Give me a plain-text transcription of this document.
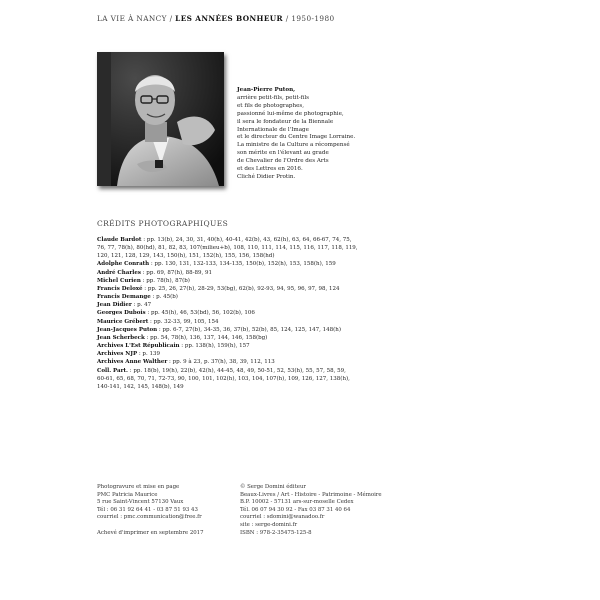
LA VIE À NANCY / LES ANNÉES BONHEUR / 1950-1980
Jean-Pierre Puton,
arrière petit-fils, petit-fils
et fils de photographes,
passionné lui-même de photographie,
il sera le fondateur de la Biennale
Internationale de l'Image
et le directeur du Centre Image Lorraine.
La ministre de la Culture a récompensé
son mérite en l'élevant au grade
de Chevalier de l'Ordre des Arts
et des Lettres en 2016.
Cliché Didier Protin.
CRÉDITS PHOTOGRAPHIQUES
Claude Bardot : pp. 13(b), 24, 30, 31, 40(h), 40-41, 42(b), 43, 62(h), 63, 64, 66-67, 74, 75,
76, 77, 78(h), 80(hd), 81, 82, 83, 107(milieu+b), 108, 110, 111, 114, 115, 116, 117, 118, 119,
120, 121, 128, 129, 143, 150(h), 151, 152(h), 155, 156, 158(hd)
Adolphe Conrath : pp. 130, 131, 132-133, 134-135, 150(b), 152(h), 153, 158(h), 159
André Charles : pp. 69, 87(h), 88-89, 91
Michel Curien : pp. 78(h), 87(b)
Francis Deloxé : pp. 25, 26, 27(h), 28-29, 53(bg), 62(b), 92-93, 94, 95, 96, 97, 98, 124
Francis Demange : p. 45(b)
Jean Didier : p. 47
Georges Dubois : pp. 45(h), 46, 53(bd), 56, 102(b), 106
Maurice Grébert : pp. 32-33, 99, 105, 154
Jean-Jacques Puton : pp. 6-7, 27(b), 34-35, 36, 37(b), 52(b), 85, 124, 125, 147, 148(h)
Jean Scherbeck : pp. 54, 78(h), 136, 137, 144, 146, 158(bg)
Archives L'Est Républicain : pp. 138(h), 159(h), 157
Archives NJP : p. 139
Archives Anne Walther : pp. 9 à 23, p. 37(h), 38, 39, 112, 113
Coll. Part. : pp. 18(b), 19(h), 22(b), 42(h), 44-45, 48, 49, 50-51, 52, 53(h), 55, 57, 58, 59,
60-61, 65, 68, 70, 71, 72-73, 90, 100, 101, 102(h), 103, 104, 107(h), 109, 126, 127, 138(h),
140-141, 142, 145, 148(b), 149
Photogravure et mise en page
PMC Patricia Maurice
5 rue Saint-Vincent 57130 Vaux
Tél : 06 31 92 64 41 - 03 87 51 93 43
courriel : pmc.communication@free.fr
Achevé d'imprimer en septembre 2017
© Serge Domini éditeur
Beaux-Livres / Art - Histoire - Patrimoine - Mémoire
B.P. 10002 - 57131 ars-sur-moselle Cedex
Tél. 06 07 94 30 92 - Fax 03 87 31 40 64
courriel : sdomini@wanadoo.fr
site : serge-domini.fr
ISBN : 978-2-35475-125-8
